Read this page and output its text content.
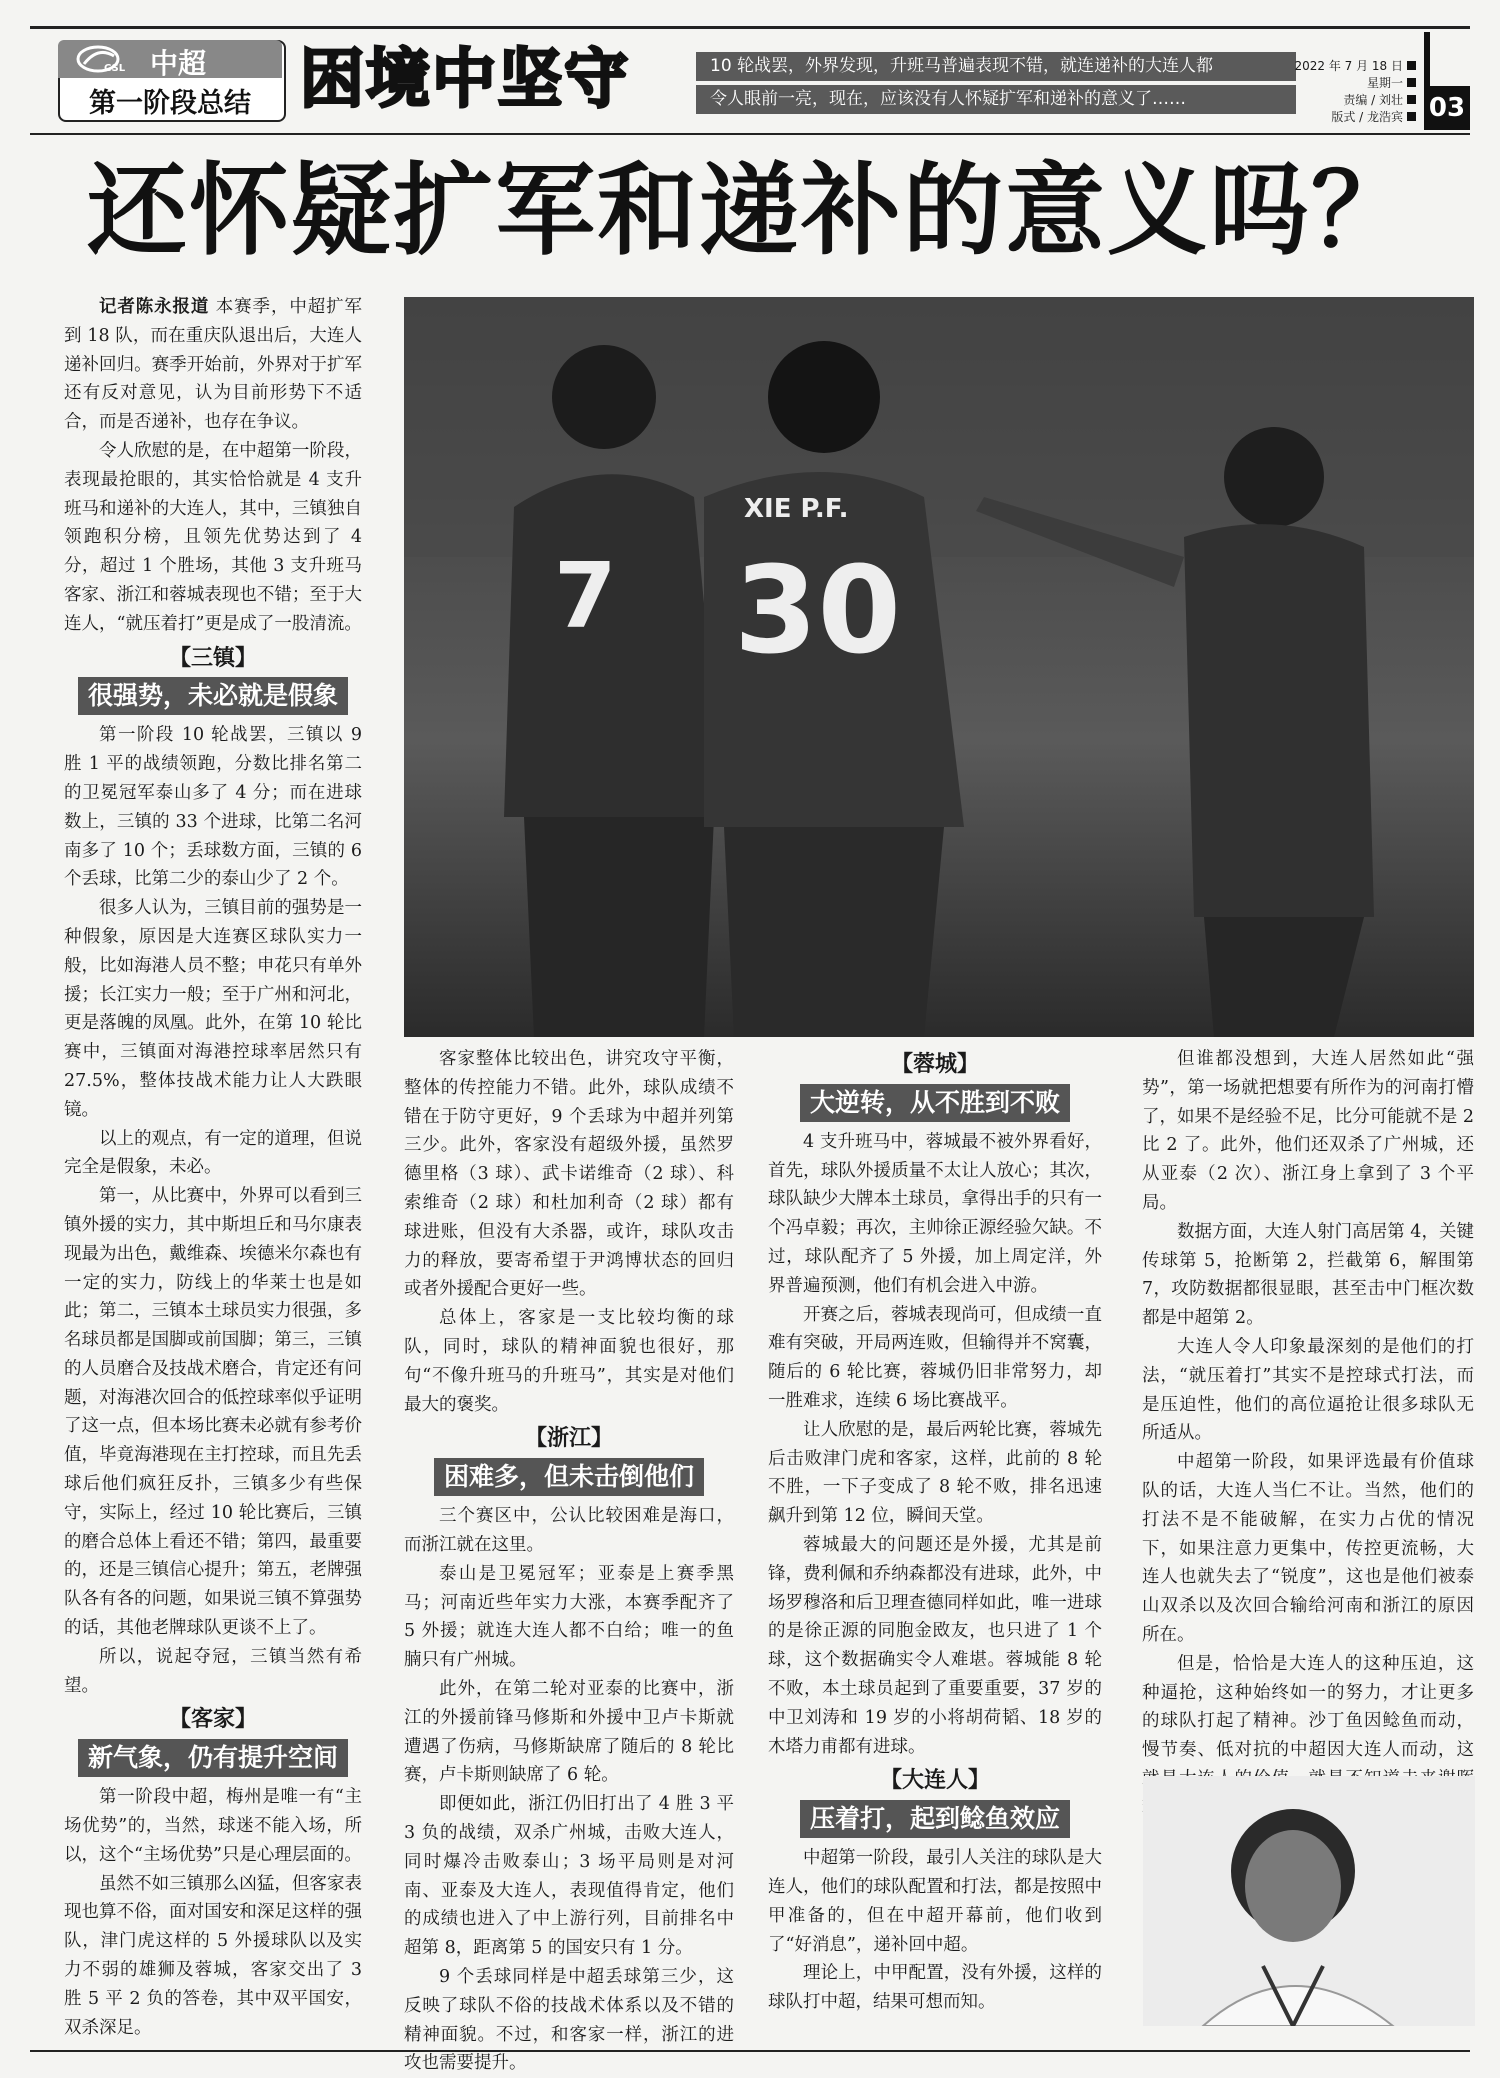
CSL 中超
第一阶段总结 困境中坚守	10 轮战罢，外界发现，升班马普遍表现不错，就连递补的大连人都
令人眼前一亮，现在，应该没有人怀疑扩军和递补的意义了……
2022 年 7 月 18 日
星期一
责编 / 刘壮
版式 / 龙浩宾 03
还怀疑扩军和递补的意义吗？
7
XIE P.F.
30

记者陈永报道 本赛季，中超扩军到 18 队，而在重庆队退出后，大连人递补回归。赛季开始前，外界对于扩军还有反对意见，认为目前形势下不适合，而是否递补，也存在争议。

令人欣慰的是，在中超第一阶段，表现最抢眼的，其实恰恰就是 4 支升班马和递补的大连人，其中，三镇独自领跑积分榜，且领先优势达到了 4 分，超过 1 个胜场，其他 3 支升班马客家、浙江和蓉城表现也不错；至于大连人，“就压着打”更是成了一股清流。

【三镇】
很强势，未必就是假象

第一阶段 10 轮战罢，三镇以 9 胜 1 平的战绩领跑，分数比排名第二的卫冕冠军泰山多了 4 分；而在进球数上，三镇的 33 个进球，比第二名河南多了 10 个；丢球数方面，三镇的 6 个丢球，比第二少的泰山少了 2 个。

很多人认为，三镇目前的强势是一种假象，原因是大连赛区球队实力一般，比如海港人员不整；申花只有单外援；长江实力一般；至于广州和河北，更是落魄的凤凰。此外，在第 10 轮比赛中，三镇面对海港控球率居然只有 27.5%，整体技战术能力让人大跌眼镜。

以上的观点，有一定的道理，但说完全是假象，未必。

第一，从比赛中，外界可以看到三镇外援的实力，其中斯坦丘和马尔康表现最为出色，戴维森、埃德米尔森也有一定的实力，防线上的华莱士也是如此；第二，三镇本土球员实力很强，多名球员都是国脚或前国脚；第三，三镇的人员磨合及技战术磨合，肯定还有问题，对海港次回合的低控球率似乎证明了这一点，但本场比赛未必就有参考价值，毕竟海港现在主打控球，而且先丢球后他们疯狂反扑，三镇多少有些保守，实际上，经过 10 轮比赛后，三镇的磨合总体上看还不错；第四，最重要的，还是三镇信心提升；第五，老牌强队各有各的问题，如果说三镇不算强势的话，其他老牌球队更谈不上了。

所以，说起夺冠，三镇当然有希望。

【客家】
新气象，仍有提升空间

第一阶段中超，梅州是唯一有“主场优势”的，当然，球迷不能入场，所以，这个“主场优势”只是心理层面的。

虽然不如三镇那么凶猛，但客家表现也算不俗，面对国安和深足这样的强队，津门虎这样的 5 外援球队以及实力不弱的雄狮及蓉城，客家交出了 3 胜 5 平 2 负的答卷，其中双平国安，双杀深足。

客家整体比较出色，讲究攻守平衡，整体的传控能力不错。此外，球队成绩不错在于防守更好，9 个丢球为中超并列第三少。此外，客家没有超级外援，虽然罗德里格（3 球）、武卡诺维奇（2 球）、科索维奇（2 球）和杜加利奇（2 球）都有球进账，但没有大杀器，或许，球队攻击力的释放，要寄希望于尹鸿博状态的回归或者外援配合更好一些。

总体上，客家是一支比较均衡的球队，同时，球队的精神面貌也很好，那句“不像升班马的升班马”，其实是对他们最大的褒奖。

【浙江】
困难多，但未击倒他们

三个赛区中，公认比较困难是海口，而浙江就在这里。

泰山是卫冕冠军；亚泰是上赛季黑马；河南近些年实力大涨，本赛季配齐了 5 外援；就连大连人都不白给；唯一的鱼腩只有广州城。

此外，在第二轮对亚泰的比赛中，浙江的外援前锋马修斯和外援中卫卢卡斯就遭遇了伤病，马修斯缺席了随后的 8 轮比赛，卢卡斯则缺席了 6 轮。

即便如此，浙江仍旧打出了 4 胜 3 平 3 负的战绩，双杀广州城，击败大连人，同时爆冷击败泰山；3 场平局则是对河南、亚泰及大连人，表现值得肯定，他们的成绩也进入了中上游行列，目前排名中超第 8，距离第 5 的国安只有 1 分。

9 个丢球同样是中超丢球第三少，这反映了球队不俗的技战术体系以及不错的精神面貌。不过，和客家一样，浙江的进攻也需要提升。

【蓉城】
大逆转，从不胜到不败

4 支升班马中，蓉城最不被外界看好，首先，球队外援质量不太让人放心；其次，球队缺少大牌本土球员，拿得出手的只有一个冯卓毅；再次，主帅徐正源经验欠缺。不过，球队配齐了 5 外援，加上周定洋，外界普遍预测，他们有机会进入中游。

开赛之后，蓉城表现尚可，但成绩一直难有突破，开局两连败，但输得并不窝囊，随后的 6 轮比赛，蓉城仍旧非常努力，却一胜难求，连续 6 场比赛战平。

让人欣慰的是，最后两轮比赛，蓉城先后击败津门虎和客家，这样，此前的 8 轮不胜，一下子变成了 8 轮不败，排名迅速飙升到第 12 位，瞬间天堂。

蓉城最大的问题还是外援，尤其是前锋，费利佩和乔纳森都没有进球，此外，中场罗穆洛和后卫理查德同样如此，唯一进球的是徐正源的同胞金敃友，也只进了 1 个球，这个数据确实令人难堪。蓉城能 8 轮不败，本土球员起到了重要重要，37 岁的中卫刘涛和 19 岁的小将胡荷韬、18 岁的木塔力甫都有进球。

【大连人】
压着打，起到鲶鱼效应

中超第一阶段，最引人关注的球队是大连人，他们的球队配置和打法，都是按照中甲准备的，但在中超开幕前，他们收到了“好消息”，递补回中超。

理论上，中甲配置，没有外援，这样的球队打中超，结果可想而知。

但谁都没想到，大连人居然如此“强势”，第一场就把想要有所作为的河南打懵了，如果不是经验不足，比分可能就不是 2 比 2 了。此外，他们还双杀了广州城，还从亚泰（2 次）、浙江身上拿到了 3 个平局。

数据方面，大连人射门高居第 4，关键传球第 5，抢断第 2，拦截第 6，解围第 7，攻防数据都很显眼，甚至击中门框次数都是中超第 2。

大连人令人印象最深刻的是他们的打法，“就压着打”其实不是控球式打法，而是压迫性，他们的高位逼抢让很多球队无所适从。

中超第一阶段，如果评选最有价值球队的话，大连人当仁不让。当然，他们的打法不是不能破解，在实力占优的情况下，如果注意力更集中，传控更流畅，大连人也就失去了“锐度”，这也是他们被泰山双杀以及次回合输给河南和浙江的原因所在。

但是，恰恰是大连人的这种压迫，这种逼抢，这种始终如一的努力，才让更多的球队打起了精神。沙丁鱼因鲶鱼而动，慢节奏、低对抗的中超因大连人而动，这
